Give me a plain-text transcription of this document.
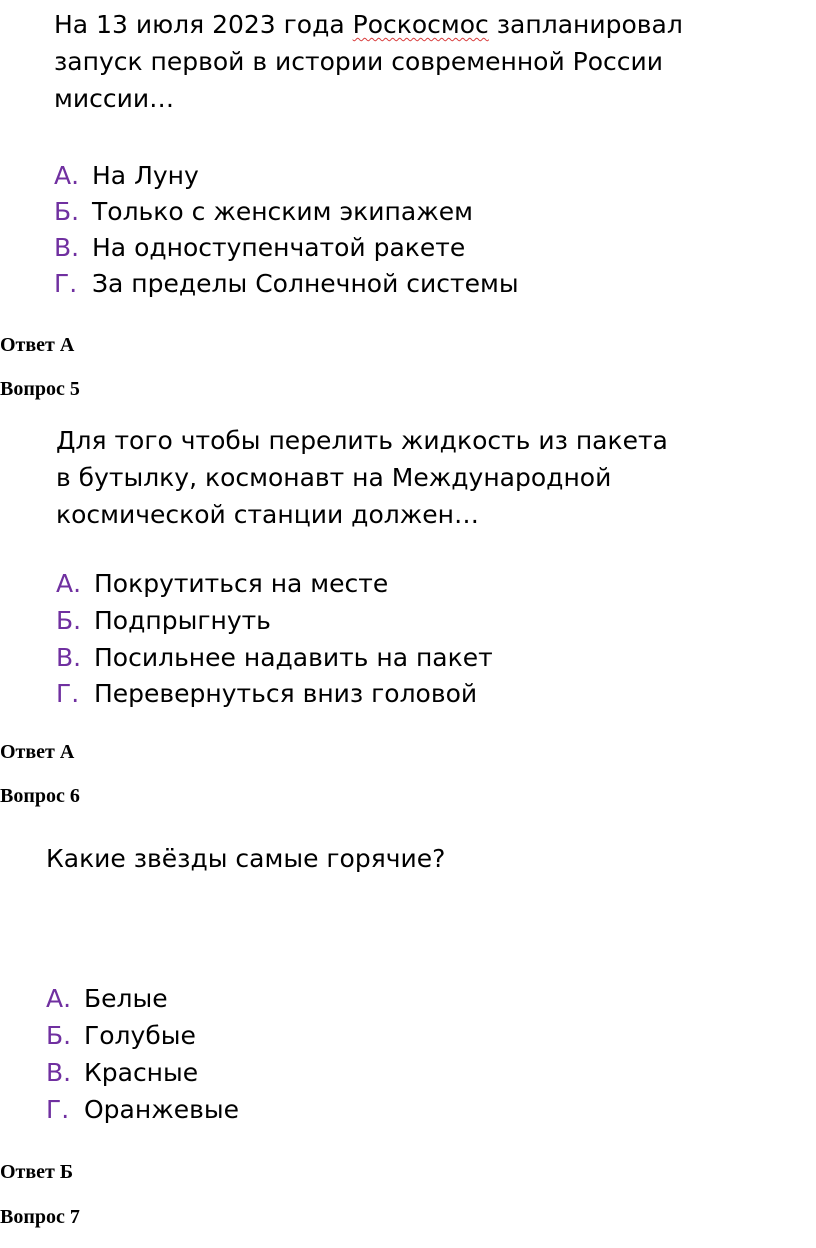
На 13 июля 2023 года Роскосмос запланировал
запуск первой в истории современной России
миссии…
А. На Луну
Б. Только с женским экипажем
В. На одноступенчатой ракете
Г. За пределы Солнечной системы
Ответ А
Вопрос 5
Для того чтобы перелить жидкость из пакета
в бутылку, космонавт на Международной
космической станции должен…
А. Покрутиться на месте
Б. Подпрыгнуть
В. Посильнее надавить на пакет
Г. Перевернуться вниз головой
Ответ А
Вопрос 6
Какие звёзды самые горячие?
А. Белые
Б. Голубые
В. Красные
Г. Оранжевые
Ответ Б
Вопрос 7
